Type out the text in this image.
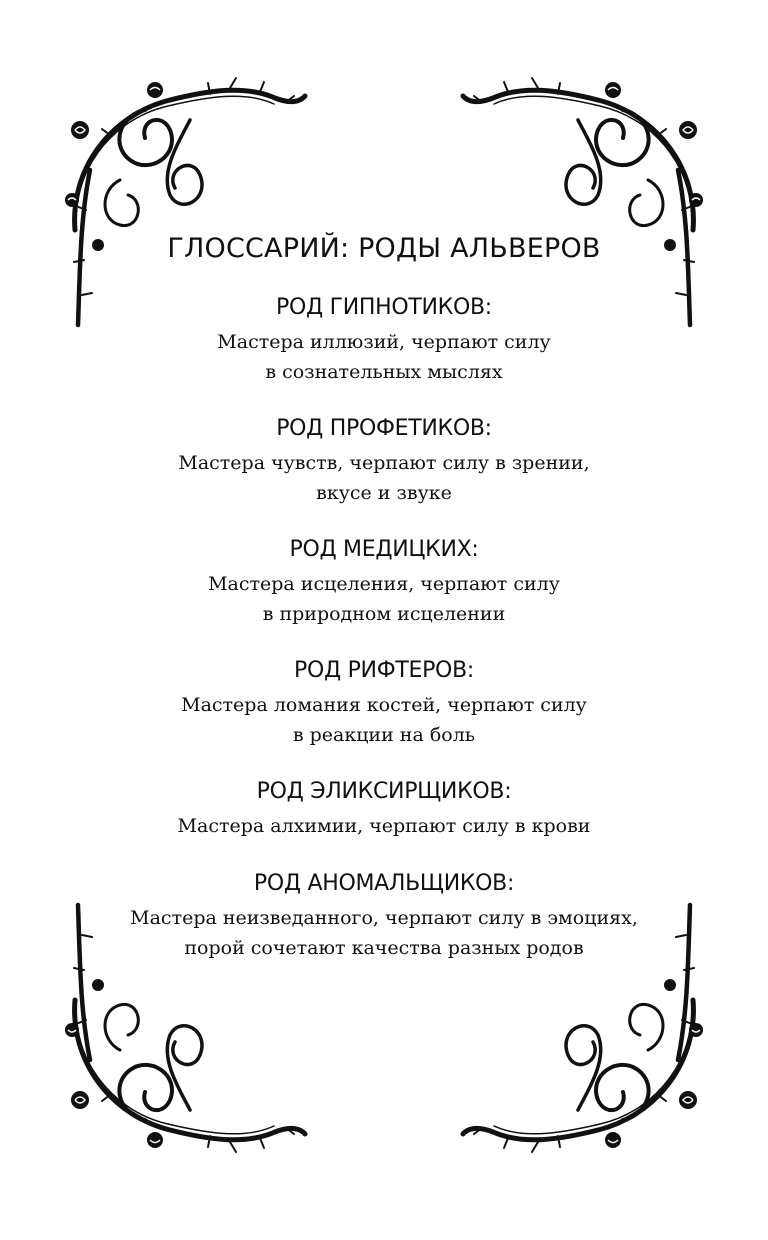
ГЛОССАРИЙ: РОДЫ АЛЬВЕРОВ
РОД ГИПНОТИКОВ:

Мастера иллюзий, черпают силу
в сознательных мыслях

РОД ПРОФЕТИКОВ:

Мастера чувств, черпают силу в зрении,
вкусе и звуке

РОД МЕДИЦКИХ:

Мастера исцеления, черпают силу
в природном исцелении

РОД РИФТЕРОВ:

Мастера ломания костей, черпают силу
в реакции на боль

РОД ЭЛИКСИРЩИКОВ:

Мастера алхимии, черпают силу в крови

РОД АНОМАЛЬЩИКОВ:

Мастера неизведанного, черпают силу в эмоциях,
порой сочетают качества разных родов
